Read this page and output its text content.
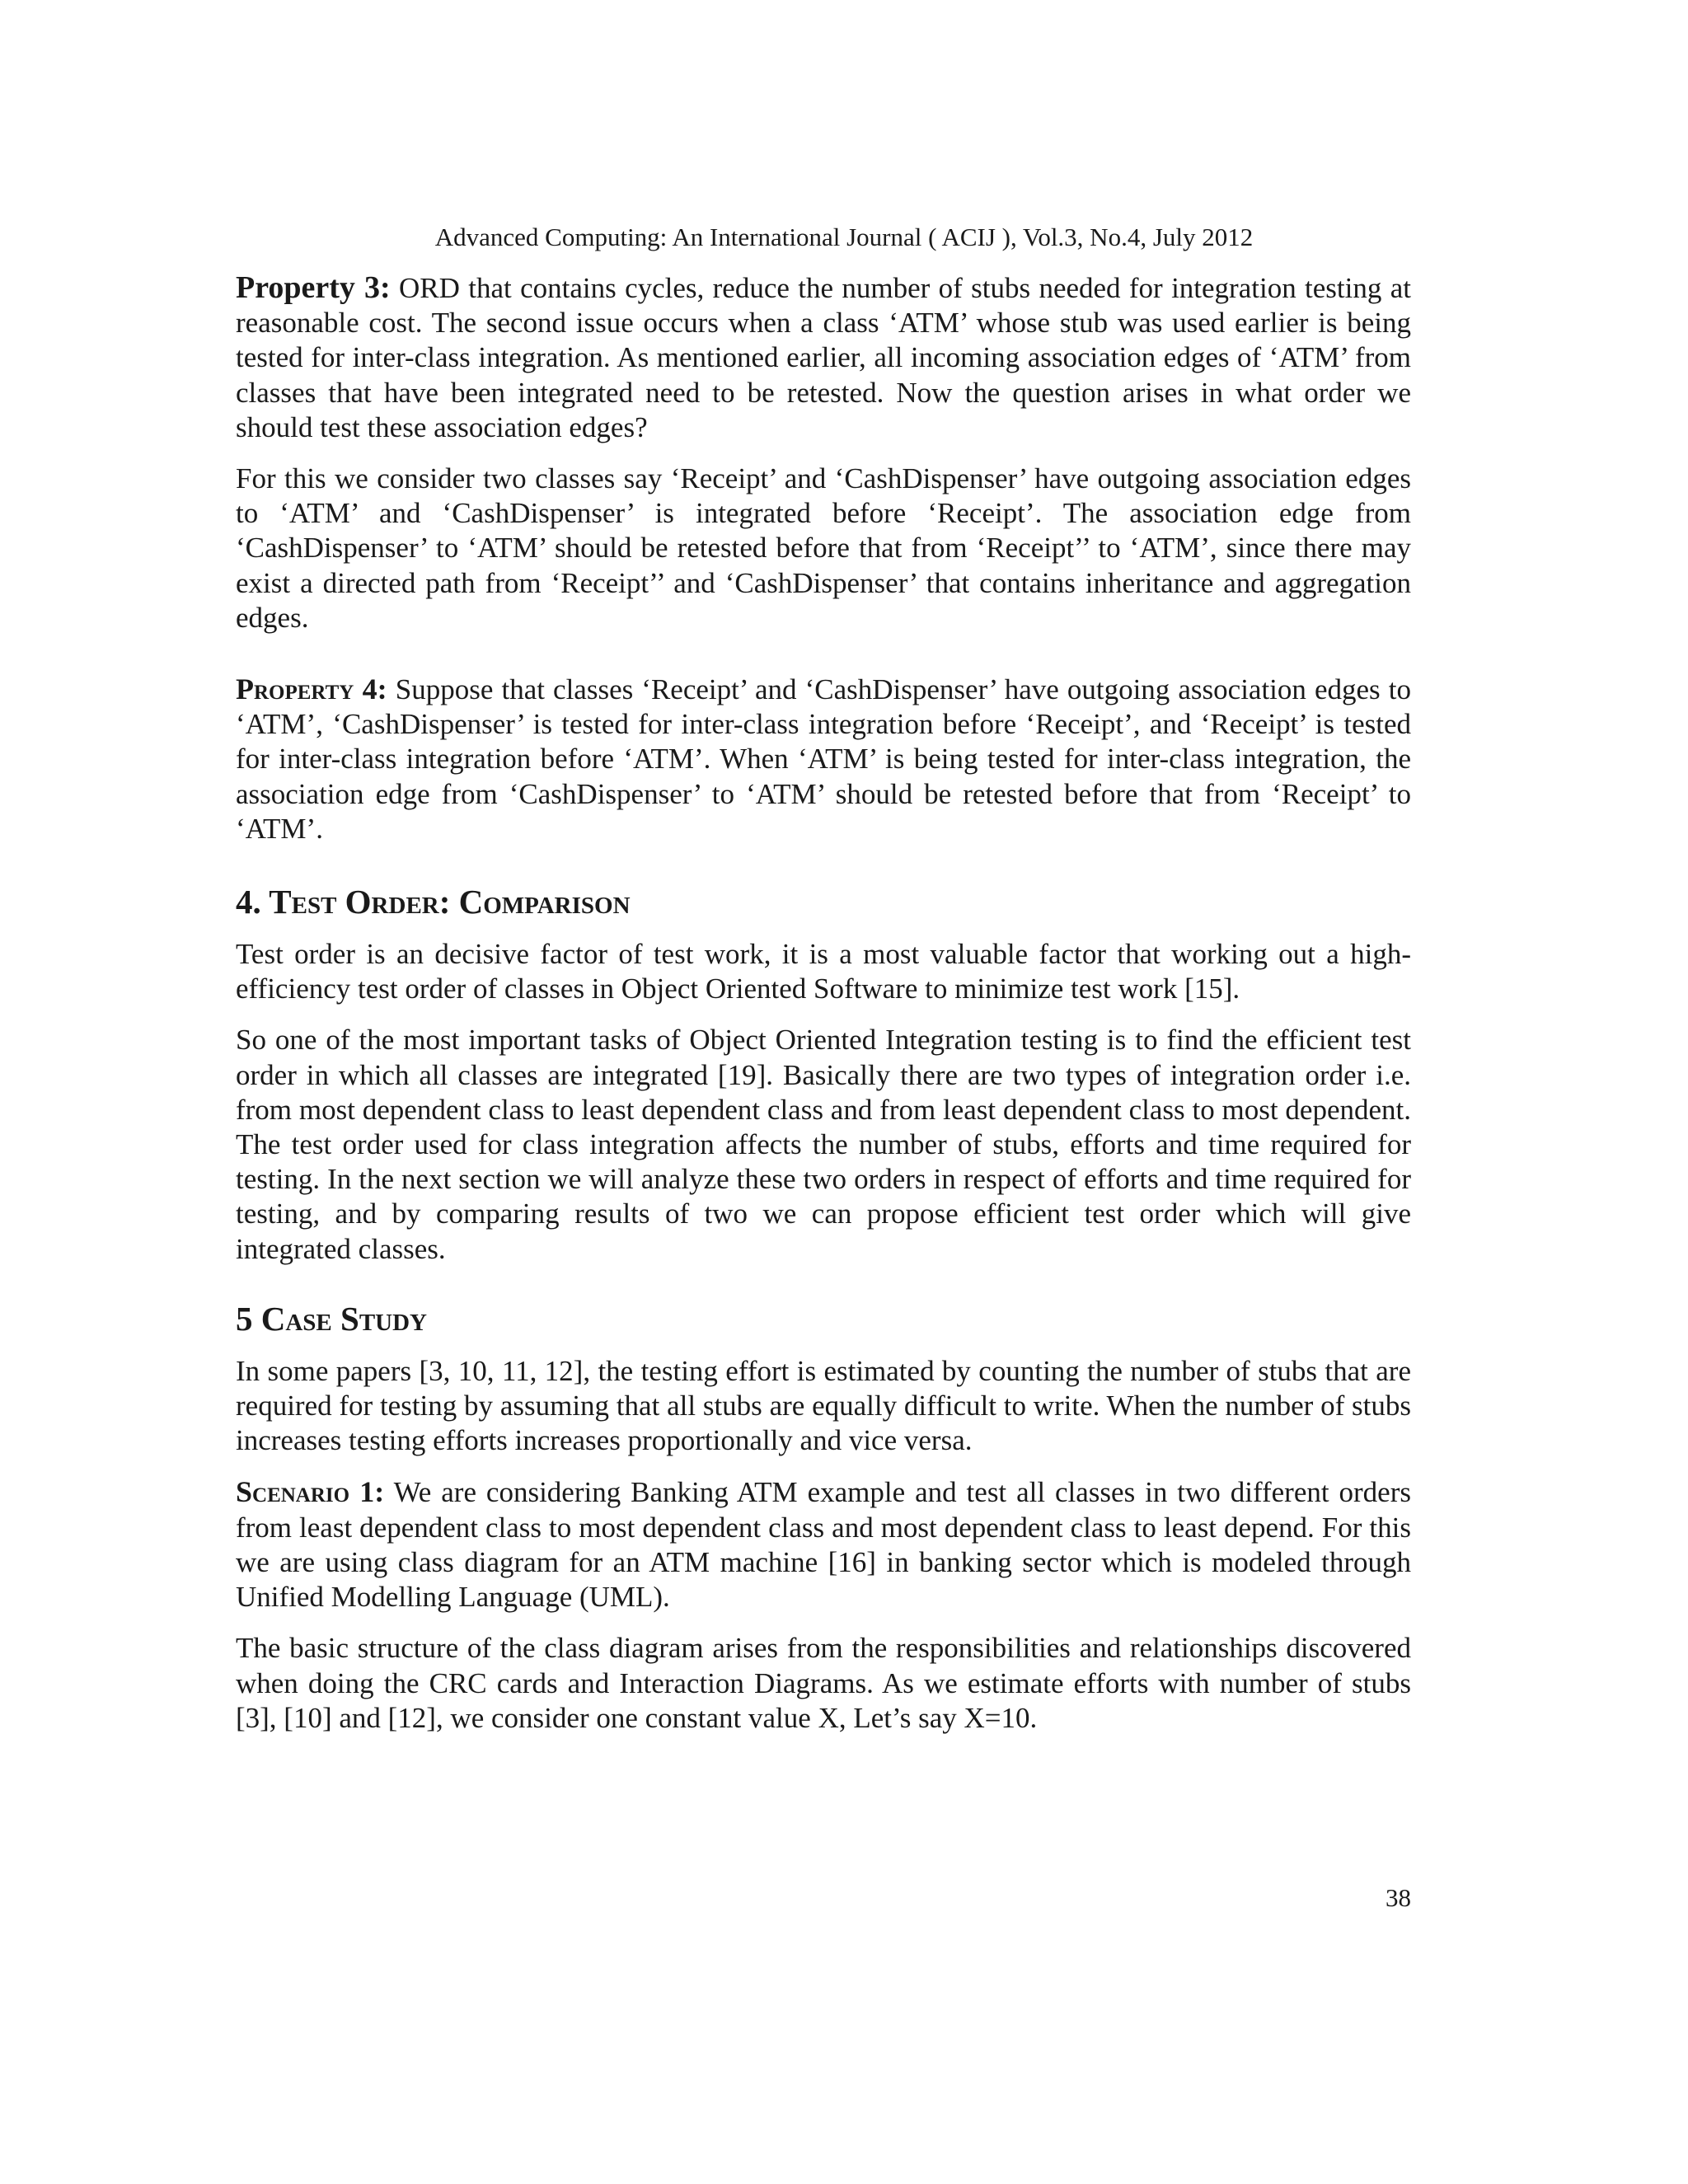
Advanced Computing: An International Journal ( ACIJ ), Vol.3, No.4, July 2012

Property 3: ORD that contains cycles, reduce the number of stubs needed for integration testing at reasonable cost. The second issue occurs when a class ‘ATM’ whose stub was used earlier is being tested for inter-class integration. As mentioned earlier, all incoming association edges of ‘ATM’ from classes that have been integrated need to be retested. Now the question arises in what order we should test these association edges?

For this we consider two classes say ‘Receipt’ and ‘CashDispenser’ have outgoing association edges to ‘ATM’ and ‘CashDispenser’ is integrated before ‘Receipt’. The association edge from ‘CashDispenser’ to ‘ATM’ should be retested before that from ‘Receipt’’ to ‘ATM’, since there may exist a directed path from ‘Receipt’’ and ‘CashDispenser’ that contains inheritance and aggregation edges.

Property 4: Suppose that classes ‘Receipt’ and ‘CashDispenser’ have outgoing association edges to ‘ATM’, ‘CashDispenser’ is tested for inter-class integration before ‘Receipt’, and ‘Receipt’ is tested for inter-class integration before ‘ATM’. When ‘ATM’ is being tested for inter-class integration, the association edge from ‘CashDispenser’ to ‘ATM’ should be retested before that from ‘Receipt’ to ‘ATM’.

4. Test Order: Comparison

Test order is an decisive factor of test work, it is a most valuable factor that working out a high-efficiency test order of classes in Object Oriented Software to minimize test work [15].

So one of the most important tasks of Object Oriented Integration testing is to find the efficient test order in which all classes are integrated [19]. Basically there are two types of integration order i.e. from most dependent class to least dependent class and from least dependent class to most dependent. The test order used for class integration affects the number of stubs, efforts and time required for testing. In the next section we will analyze these two orders in respect of efforts and time required for testing, and by comparing results of two we can propose efficient test order which will give integrated classes.

5 Case Study

In some papers [3, 10, 11, 12], the testing effort is estimated by counting the number of stubs that are required for testing by assuming that all stubs are equally difficult to write. When the number of stubs increases testing efforts increases proportionally and vice versa.

Scenario 1: We are considering Banking ATM example and test all classes in two different orders from least dependent class to most dependent class and most dependent class to least depend. For this we are using class diagram for an ATM machine [16] in banking sector which is modeled through Unified Modelling Language (UML).

The basic structure of the class diagram arises from the responsibilities and relationships discovered when doing the CRC cards and Interaction Diagrams. As we estimate efforts with number of stubs [3], [10] and [12], we consider one constant value X, Let’s say X=10.

38
